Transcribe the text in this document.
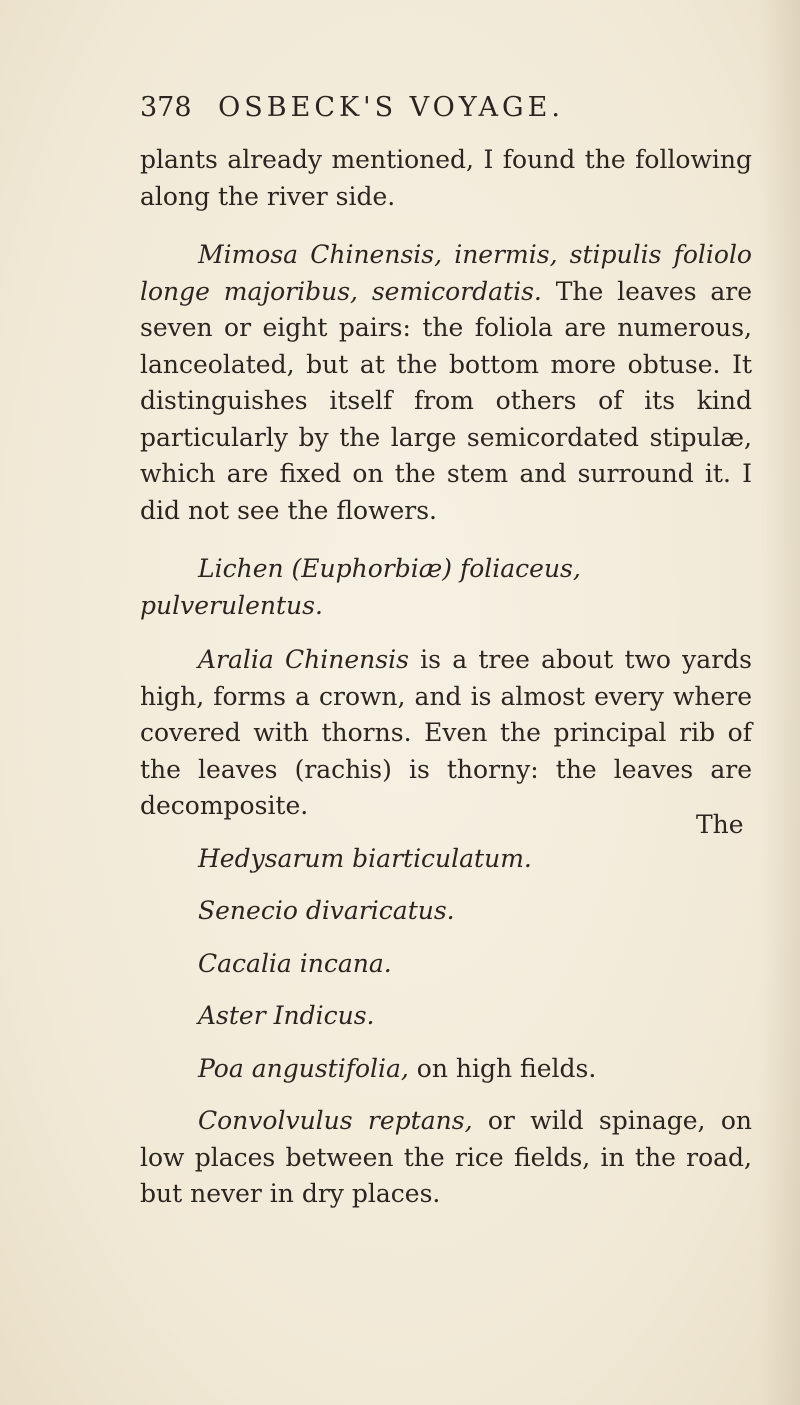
378 OSBECK'S VOYAGE.

plants already mentioned, I found the following along the river side.

Mimosa Chinensis, inermis, stipulis foliolo longe majoribus, semicordatis. The leaves are seven or eight pairs: the foliola are numerous, lanceolated, but at the bottom more obtuse. It distinguishes itself from others of its kind particularly by the large semicordated stipulæ, which are fixed on the stem and surround it. I did not see the flowers.

Lichen (Euphorbiæ) foliaceus, pulverulentus.

Aralia Chinensis is a tree about two yards high, forms a crown, and is almost every where covered with thorns. Even the principal rib of the leaves (rachis) is thorny: the leaves are decomposite.

Hedysarum biarticulatum.

Senecio divaricatus.

Cacalia incana.

Aster Indicus.

Poa angustifolia, on high fields.

Convolvulus reptans, or wild spinage, on low places between the rice fields, in the road, but never in dry places.

The
